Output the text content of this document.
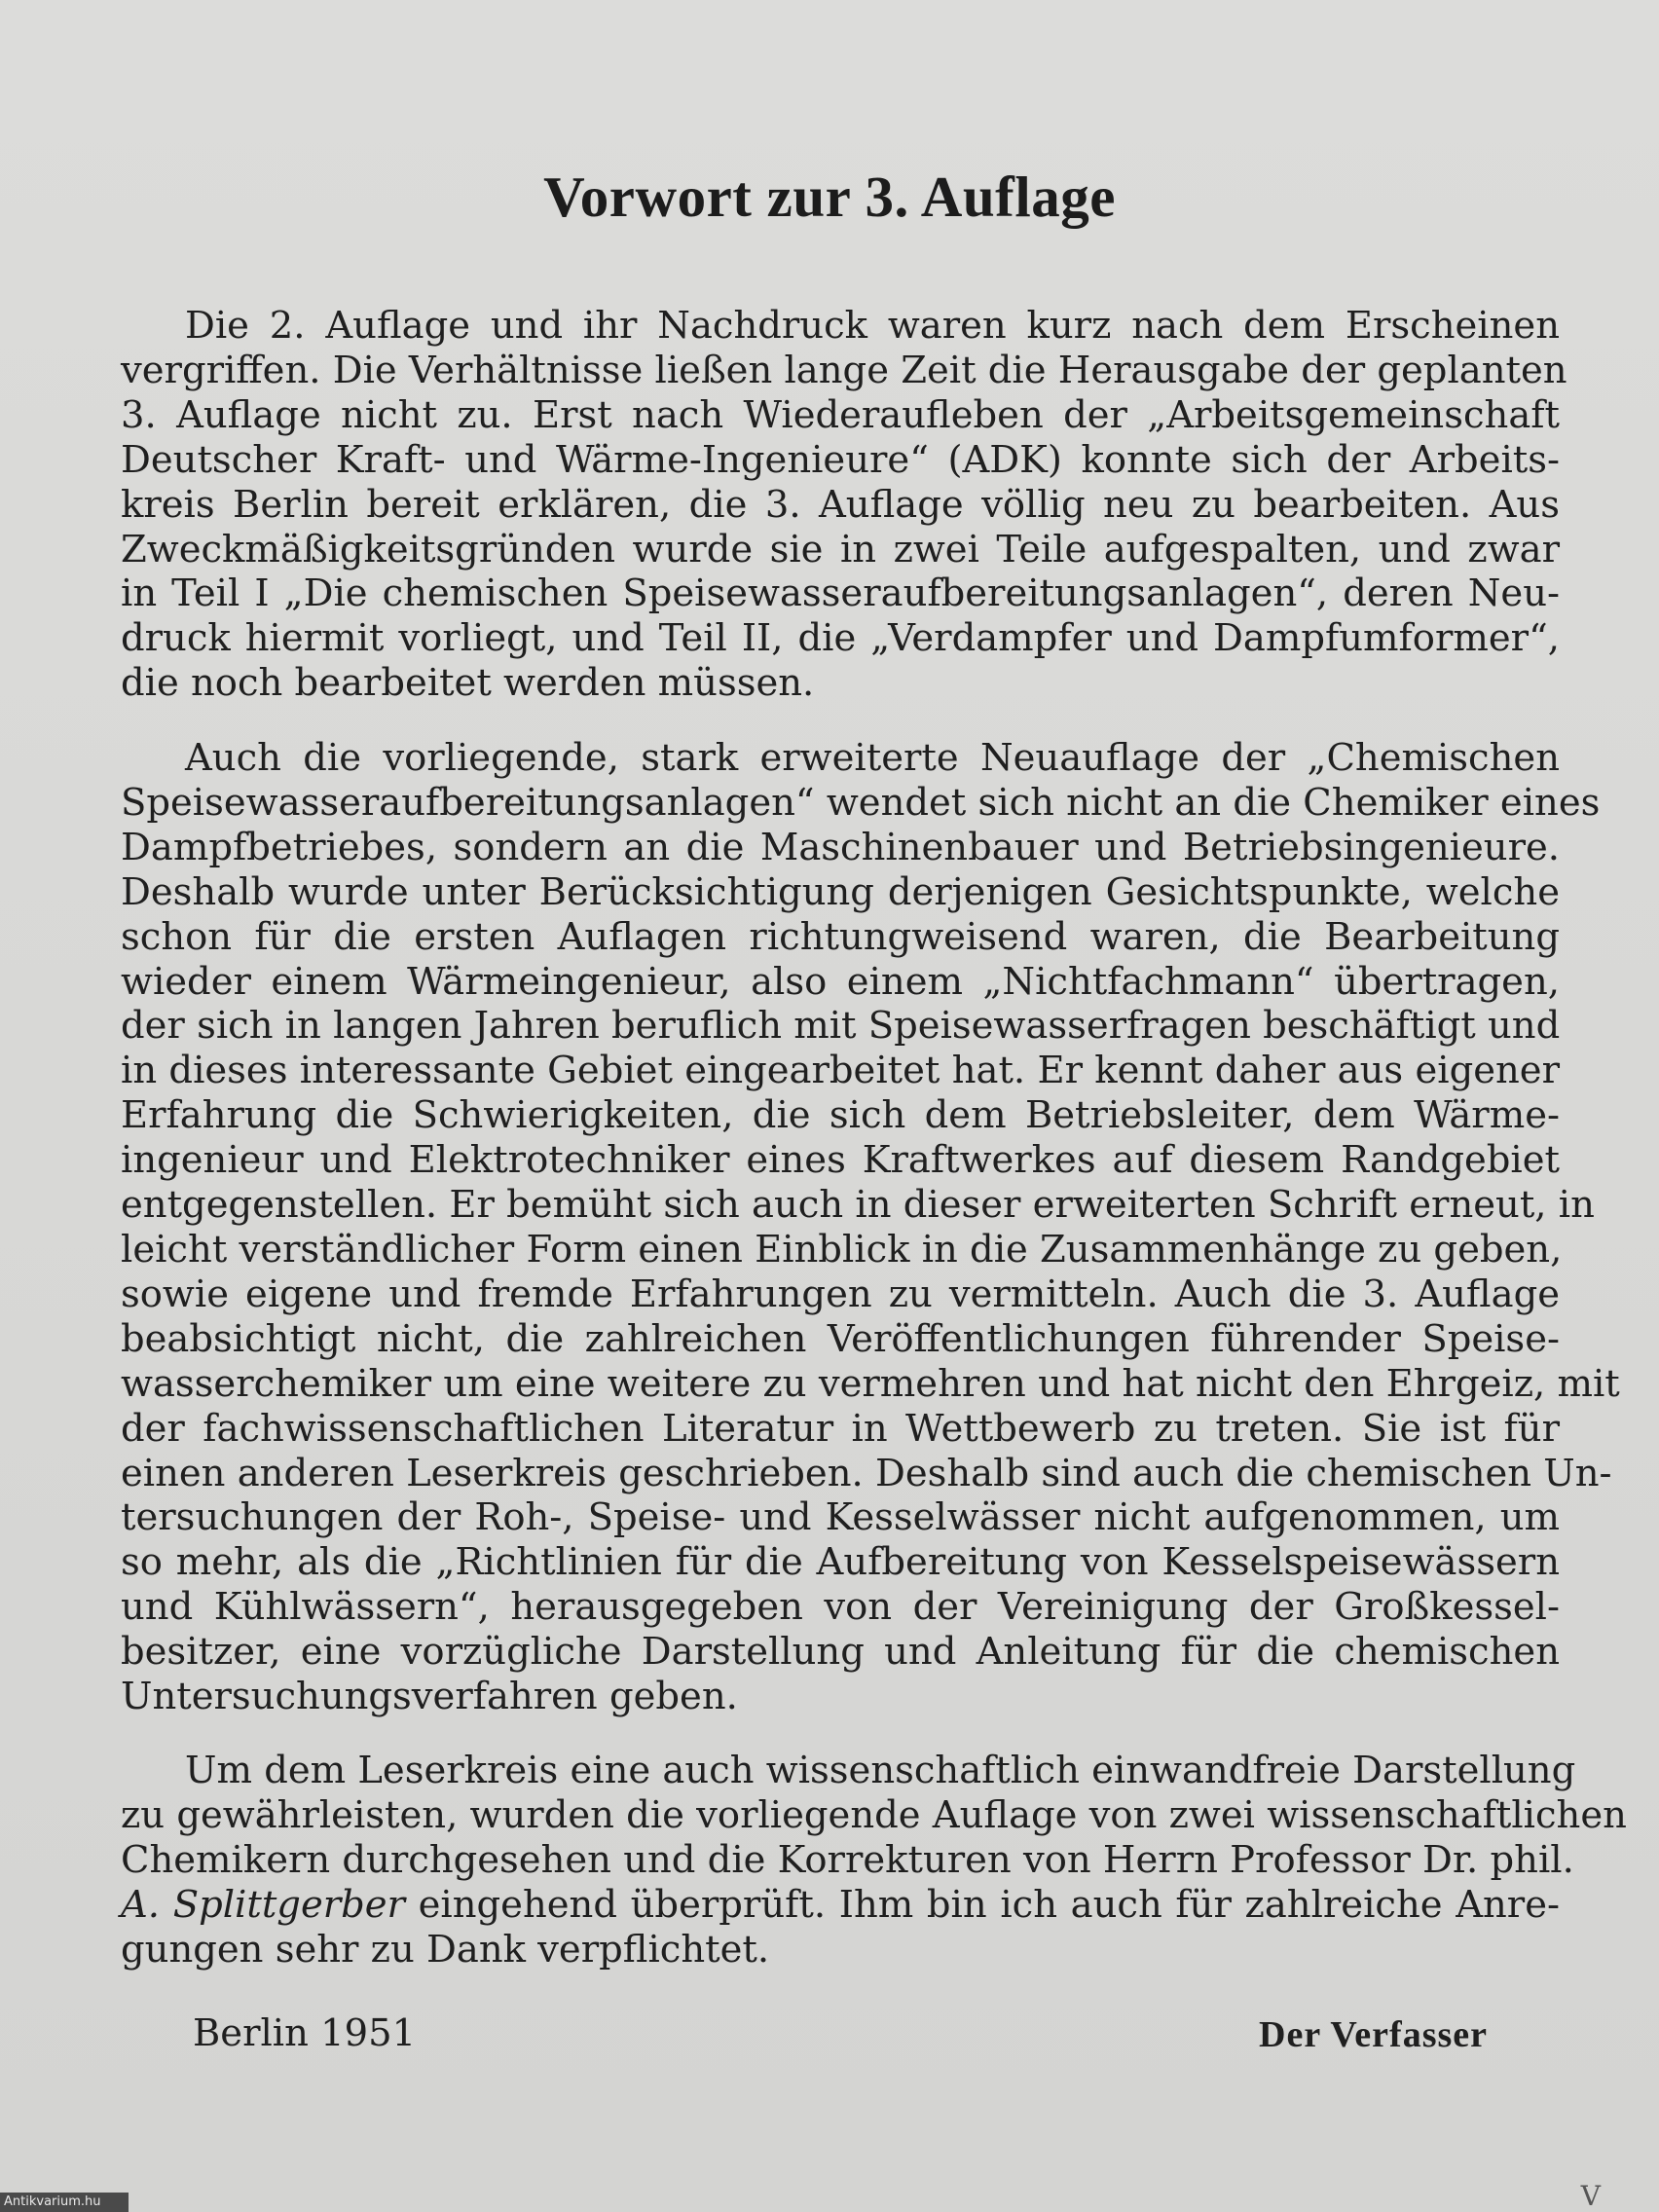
Vorwort zur 3. Auflage
Die 2. Auflage und ihr Nachdruck waren kurz nach dem Erscheinen
vergriffen. Die Verhältnisse ließen lange Zeit die Herausgabe der geplanten
3. Auflage nicht zu. Erst nach Wiederaufleben der „Arbeitsgemeinschaft
Deutscher Kraft- und Wärme-Ingenieure“ (ADK) konnte sich der Arbeits-
kreis Berlin bereit erklären, die 3. Auflage völlig neu zu bearbeiten. Aus
Zweckmäßigkeitsgründen wurde sie in zwei Teile aufgespalten, und zwar
in Teil I „Die chemischen Speisewasseraufbereitungsanlagen“, deren Neu-
druck hiermit vorliegt, und Teil II, die „Verdampfer und Dampfumformer“,
die noch bearbeitet werden müssen.
Auch die vorliegende, stark erweiterte Neuauflage der „Chemischen
Speisewasseraufbereitungsanlagen“ wendet sich nicht an die Chemiker eines
Dampfbetriebes, sondern an die Maschinenbauer und Betriebsingenieure.
Deshalb wurde unter Berücksichtigung derjenigen Gesichtspunkte, welche
schon für die ersten Auflagen richtungweisend waren, die Bearbeitung
wieder einem Wärmeingenieur, also einem „Nichtfachmann“ übertragen,
der sich in langen Jahren beruflich mit Speisewasserfragen beschäftigt und
in dieses interessante Gebiet eingearbeitet hat. Er kennt daher aus eigener
Erfahrung die Schwierigkeiten, die sich dem Betriebsleiter, dem Wärme-
ingenieur und Elektrotechniker eines Kraftwerkes auf diesem Randgebiet
entgegenstellen. Er bemüht sich auch in dieser erweiterten Schrift erneut, in
leicht verständlicher Form einen Einblick in die Zusammenhänge zu geben,
sowie eigene und fremde Erfahrungen zu vermitteln. Auch die 3. Auflage
beabsichtigt nicht, die zahlreichen Veröffentlichungen führender Speise-
wasserchemiker um eine weitere zu vermehren und hat nicht den Ehrgeiz, mit
der fachwissenschaftlichen Literatur in Wettbewerb zu treten. Sie ist für
einen anderen Leserkreis geschrieben. Deshalb sind auch die chemischen Un-
tersuchungen der Roh-, Speise- und Kesselwässer nicht aufgenommen, um
so mehr, als die „Richtlinien für die Aufbereitung von Kesselspeisewässern
und Kühlwässern“, herausgegeben von der Vereinigung der Großkessel-
besitzer, eine vorzügliche Darstellung und Anleitung für die chemischen
Untersuchungsverfahren geben.
Um dem Leserkreis eine auch wissenschaftlich einwandfreie Darstellung
zu gewährleisten, wurden die vorliegende Auflage von zwei wissenschaftlichen
Chemikern durchgesehen und die Korrekturen von Herrn Professor Dr. phil.
A. Splittgerber eingehend überprüft. Ihm bin ich auch für zahlreiche Anre-
gungen sehr zu Dank verpflichtet.

Berlin 1951	Der Verfasser

V

Antikvarium.hu
